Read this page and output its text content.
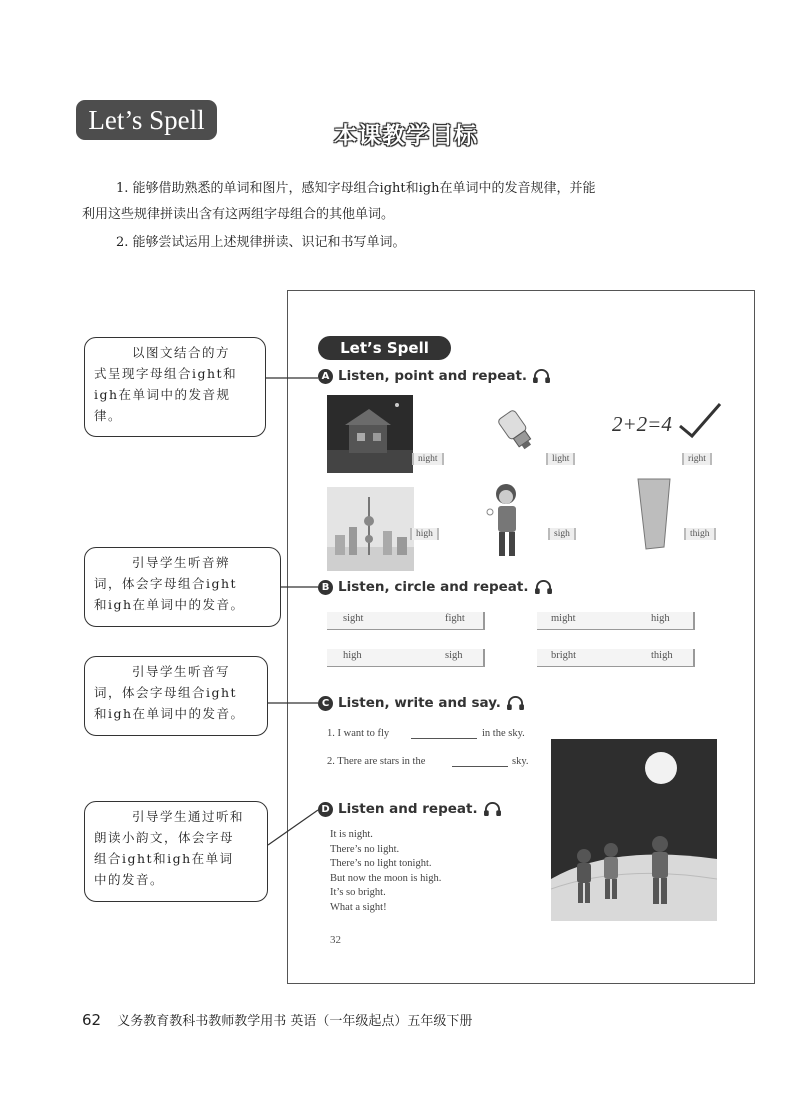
Let’s Spell
本课教学目标
1. 能够借助熟悉的单词和图片，感知字母组合ight和igh在单词中的发音规律，并能
利用这些规律拼读出含有这两组字母组合的其他单词。
2. 能够尝试运用上述规律拼读、识记和书写单词。
Let’s Spell
A Listen, point and repeat.
night	light
2+2=4
right
high	sigh	thigh
B Listen, circle and repeat.
sight	fight	might	high
high	sigh	bright	thigh
C Listen, write and say.
1. I want to fly	in the sky.
2. There are stars in the	sky.
D Listen and repeat.
It is night.
There’s no light.
There’s no light tonight.
But now the moon is high.
It’s so bright.
What a sight!
32
以图文结合的方
式呈现字母组合ight和
igh在单词中的发音规
律。
引导学生听音辨
词，体会字母组合ight
和igh在单词中的发音。
引导学生听音写
词，体会字母组合ight
和igh在单词中的发音。
引导学生通过听和
朗读小韵文，体会字母
组合ight和igh在单词
中的发音。
62 义务教育教科书教师教学用书 英语（一年级起点）五年级下册
